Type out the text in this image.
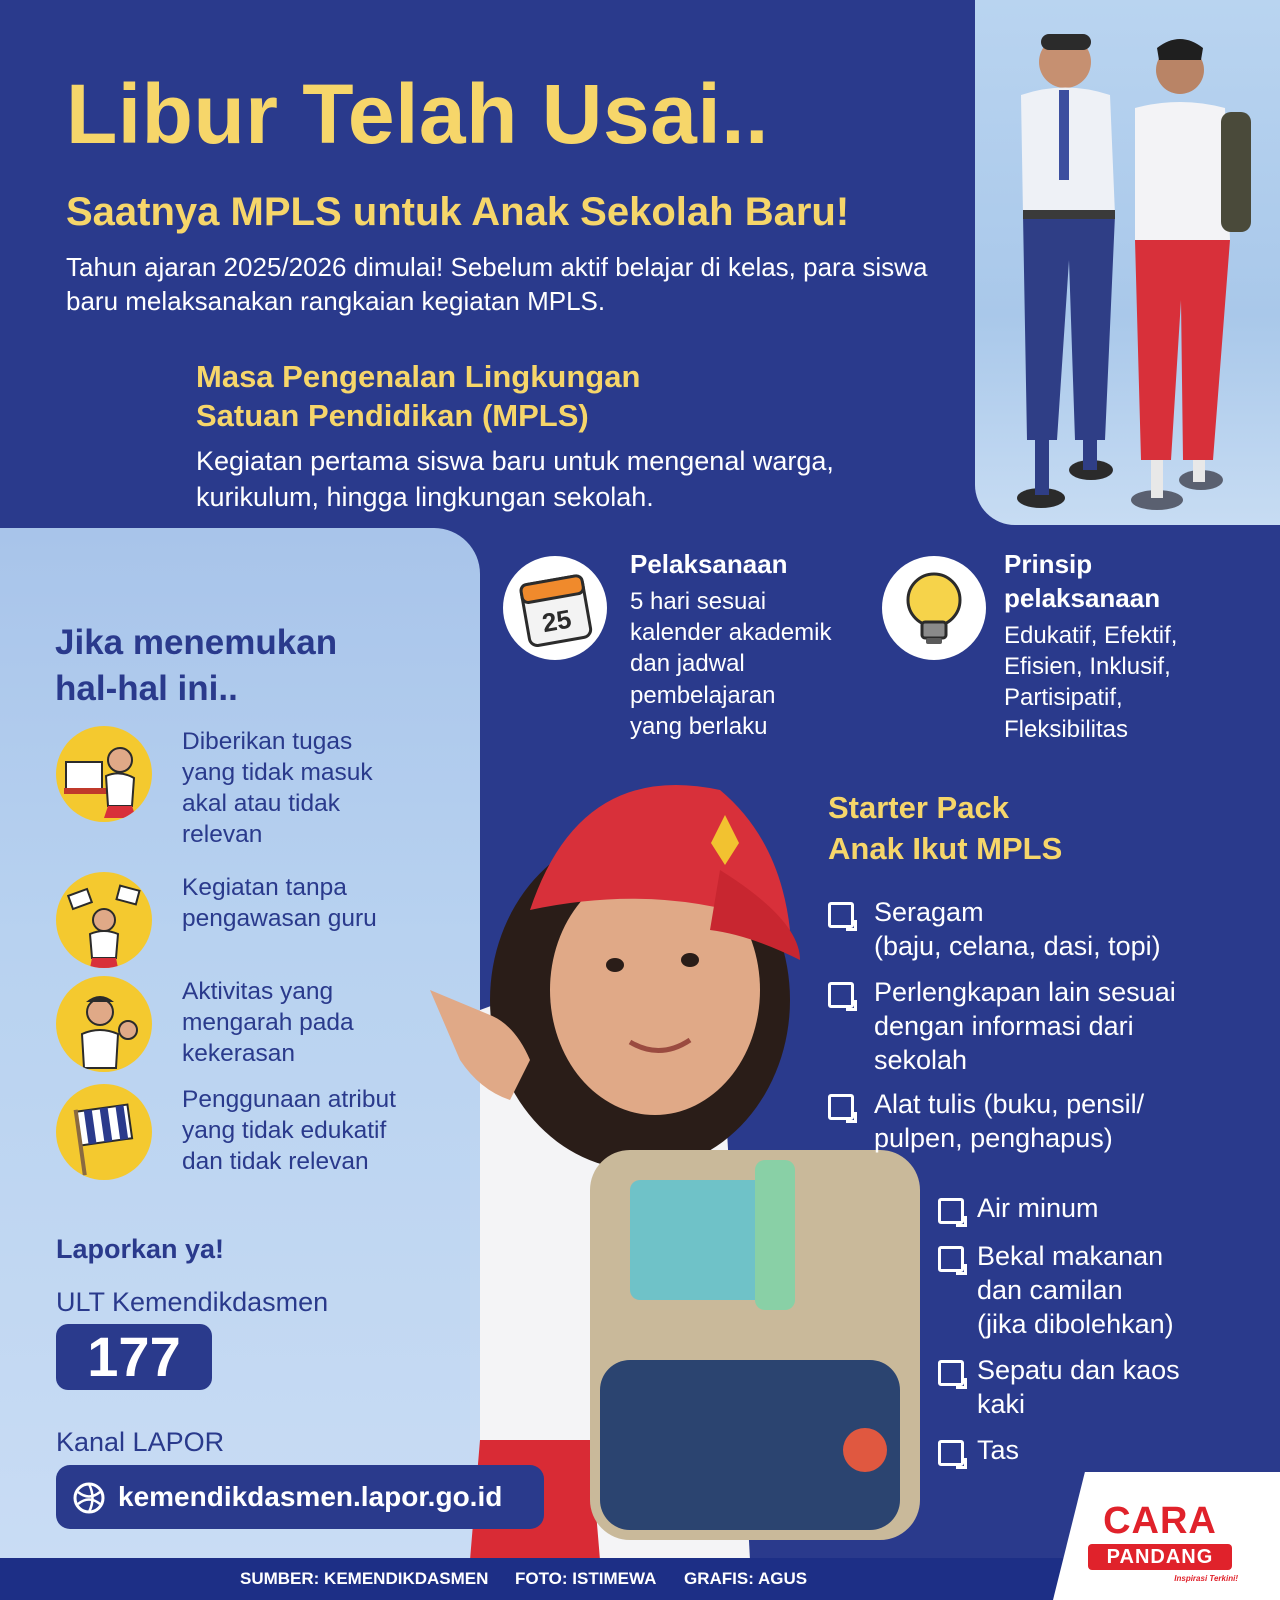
Libur Telah Usai..
Saatnya MPLS untuk Anak Sekolah Baru!
Tahun ajaran 2025/2026 dimulai! Sebelum aktif belajar di kelas, para siswa baru melaksanakan rangkaian kegiatan MPLS.
Masa Pengenalan Lingkungan
Satuan Pendidikan (MPLS)
Kegiatan pertama siswa baru untuk mengenal warga, kurikulum, hingga lingkungan sekolah.
25
Pelaksanaan
5 hari sesuai
kalender akademik
dan jadwal
pembelajaran
yang berlaku
Prinsip
pelaksanaan
Edukatif, Efektif,
Efisien, Inklusif,
Partisipatif,
Fleksibilitas
Jika menemukan
hal-hal ini..
Diberikan tugas
yang tidak masuk
akal atau tidak
relevan
Kegiatan tanpa
pengawasan guru
Aktivitas yang
mengarah pada
kekerasan
Penggunaan atribut
yang tidak edukatif
dan tidak relevan
Laporkan ya!
ULT Kemendikdasmen
177
Kanal LAPOR
kemendikdasmen.lapor.go.id
Starter Pack
Anak Ikut MPLS
Seragam
(baju, celana, dasi, topi)
Perlengkapan lain sesuai
dengan informasi dari
sekolah
Alat tulis (buku, pensil/
pulpen, penghapus)
Air minum
Bekal makanan
dan camilan
(jika dibolehkan)
Sepatu dan kaos
kaki
Tas
SUMBER: KEMENDIKDASMEN FOTO: ISTIMEWA GRAFIS: AGUS
CARA
PANDANG
Inspirasi Terkini!
